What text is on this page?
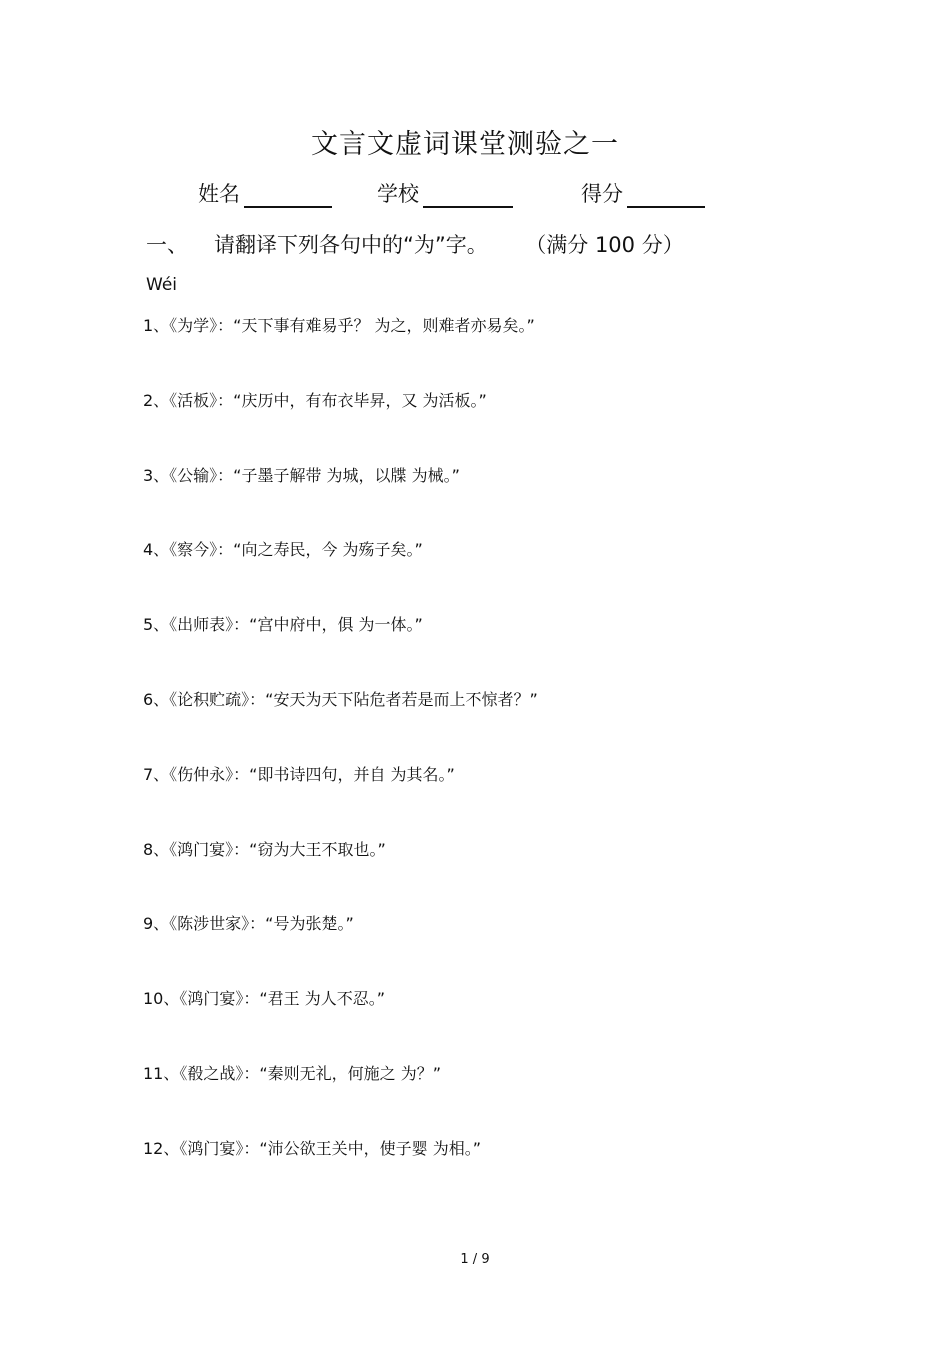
文言文虚词课堂测验之一
姓名	学校	得分
一、 请翻译下列各句中的“为”字。 （满分 100 分）
Wéi
1、《为学》：“天下事有难易乎？ 为之，则难者亦易矣。”
2、《活板》：“庆历中，有布衣毕昇，又 为活板。”
3、《公输》：“子墨子解带 为城，以牒 为械。”
4、《察今》：“向之寿民，今 为殇子矣。”
5、《出师表》：“宫中府中，俱 为一体。”
6、《论积贮疏》：“安天为天下阽危者若是而上不惊者？”
7、《伤仲永》：“即书诗四句，并自 为其名。”
8、《鸿门宴》：“窃为大王不取也。”
9、《陈涉世家》：“号为张楚。”
10、《鸿门宴》：“君王 为人不忍。”
11、《殽之战》：“秦则无礼，何施之 为？”
12、《鸿门宴》：“沛公欲王关中，使子婴 为相。”
1 / 9
